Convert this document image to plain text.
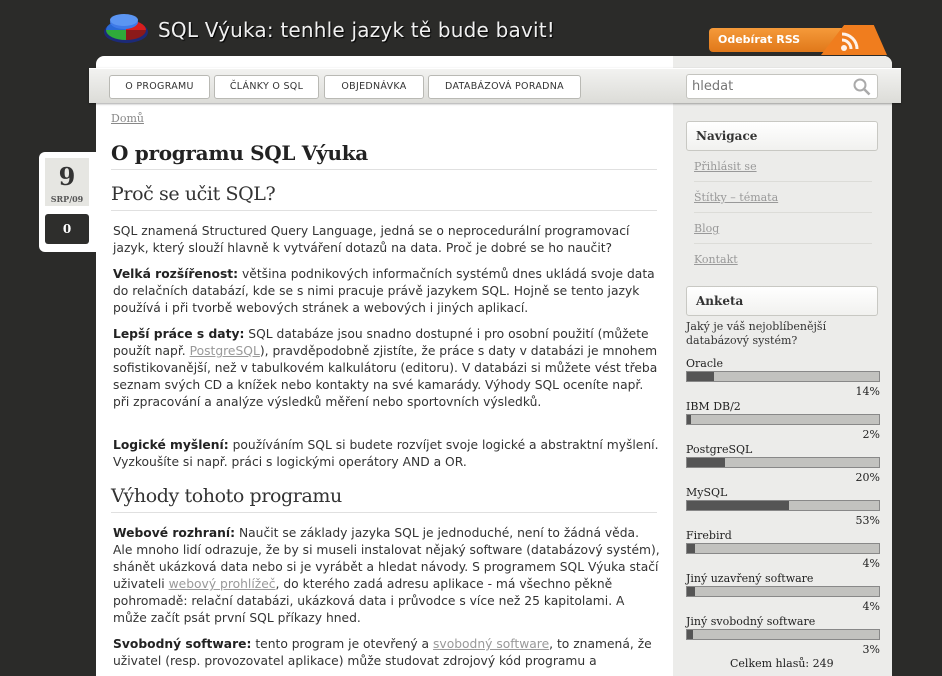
SQL Výuka: tenhle jazyk tě bude bavit!	Odebírat RSS
O PROGRAMU	ČLÁNKY O SQL	OBJEDNÁVKA	DATABÁZOVÁ PORADNA
hledat
Domů
9
SRP/09
0
O programu SQL Výuka
Proč se učit SQL?

SQL znamená Structured Query Language, jedná se o neprocedurální programovací jazyk, který slouží hlavně k vytváření dotazů na data. Proč je dobré se ho naučit?

Velká rozšířenost: většina podnikových informačních systémů dnes ukládá svoje data do relačních databází, kde se s nimi pracuje právě jazykem SQL. Hojně se tento jazyk používá i při tvorbě webových stránek a webových i jiných aplikací.

Lepší práce s daty: SQL databáze jsou snadno dostupné i pro osobní použití (můžete použít např. PostgreSQL), pravděpodobně zjistíte, že práce s daty v databázi je mnohem sofistikovanější, než v tabulkovém kalkulátoru (editoru). V databázi si můžete vést třeba seznam svých CD a knížek nebo kontakty na své kamarády. Výhody SQL oceníte např. při zpracování a analýze výsledků měření nebo sportovních výsledků.

Logické myšlení: používáním SQL si budete rozvíjet svoje logické a abstraktní myšlení. Vyzkoušíte si např. práci s logickými operátory AND a OR.

Výhody tohoto programu

Webové rozhraní: Naučit se základy jazyka SQL je jednoduché, není to žádná věda. Ale mnoho lidí odrazuje, že by si museli instalovat nějaký software (databázový systém), shánět ukázková data nebo si je vyrábět a hledat návody. S programem SQL Výuka stačí uživateli webový prohlížeč, do kterého zadá adresu aplikace - má všechno pěkně pohromadě: relační databázi, ukázková data i průvodce s více než 25 kapitolami. A může začít psát první SQL příkazy hned.

Svobodný software: tento program je otevřený a svobodný software, to znamená, že uživatel (resp. provozovatel aplikace) může studovat zdrojový kód programu a

Navigace
Přihlásit se
Štítky – témata
Blog
Kontakt
Anketa
Jaký je váš nejoblíbenější databázový systém?
Oracle
14%
IBM DB/2
2%
PostgreSQL
20%
MySQL
53%
Firebird
4%
Jiný uzavřený software
4%
Jiný svobodný software
3%
Celkem hlasů: 249
